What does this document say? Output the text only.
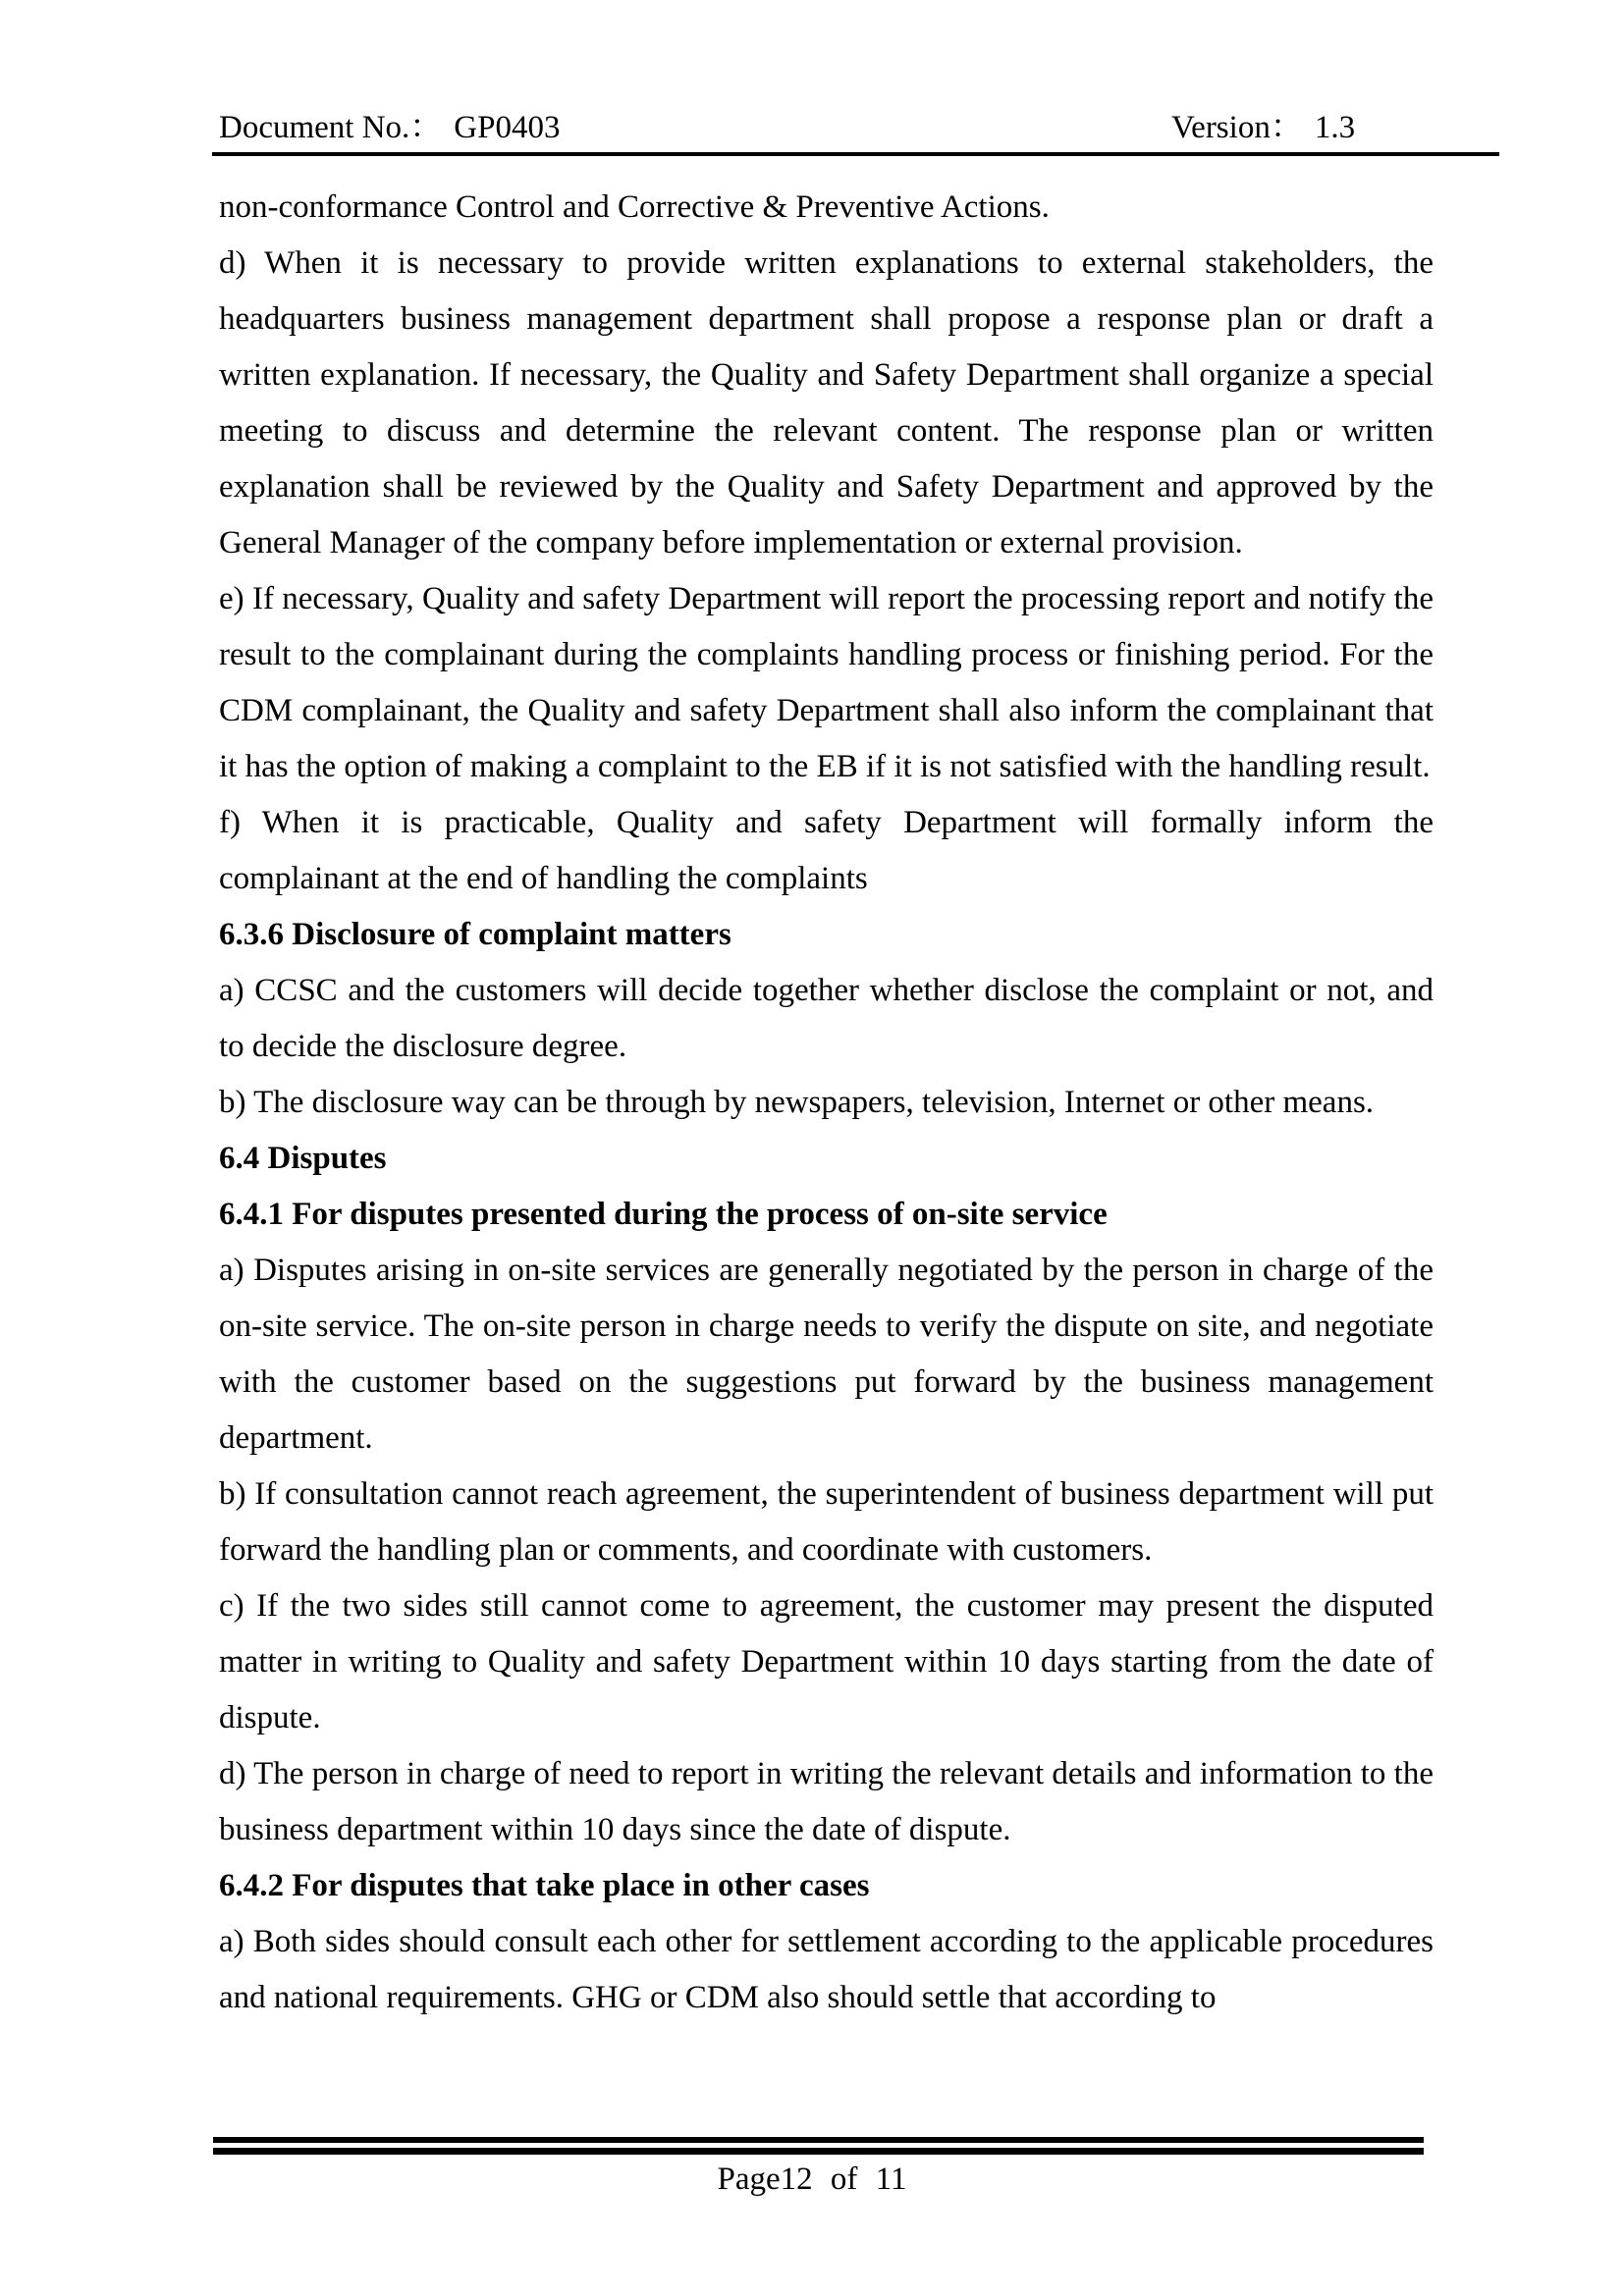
Document No.： GP0403	Version： 1.3

non-conformance Control and Corrective & Preventive Actions.

d) When it is necessary to provide written explanations to external stakeholders, the headquarters business management department shall propose a response plan or draft a written explanation. If necessary, the Quality and Safety Department shall organize a special meeting to discuss and determine the relevant content. The response plan or written explanation shall be reviewed by the Quality and Safety Department and approved by the General Manager of the company before implementation or external provision.

e) If necessary, Quality and safety Department will report the processing report and notify the result to the complainant during the complaints handling process or finishing period. For the CDM complainant, the Quality and safety Department shall also inform the complainant that it has the option of making a complaint to the EB if it is not satisfied with the handling result.

f) When it is practicable, Quality and safety Department will formally inform the complainant at the end of handling the complaints

6.3.6 Disclosure of complaint matters

a) CCSC and the customers will decide together whether disclose the complaint or not, and to decide the disclosure degree.

b) The disclosure way can be through by newspapers, television, Internet or other means.

6.4 Disputes

6.4.1 For disputes presented during the process of on-site service

a) Disputes arising in on-site services are generally negotiated by the person in charge of the on-site service. The on-site person in charge needs to verify the dispute on site, and negotiate with the customer based on the suggestions put forward by the business management department.

b) If consultation cannot reach agreement, the superintendent of business department will put forward the handling plan or comments, and coordinate with customers.

c) If the two sides still cannot come to agreement, the customer may present the disputed matter in writing to Quality and safety Department within 10 days starting from the date of dispute.

d) The person in charge of need to report in writing the relevant details and information to the business department within 10 days since the date of dispute.

6.4.2 For disputes that take place in other cases

a) Both sides should consult each other for settlement according to the applicable procedures and national requirements. GHG or CDM also should settle that according to

Page12 of 11
